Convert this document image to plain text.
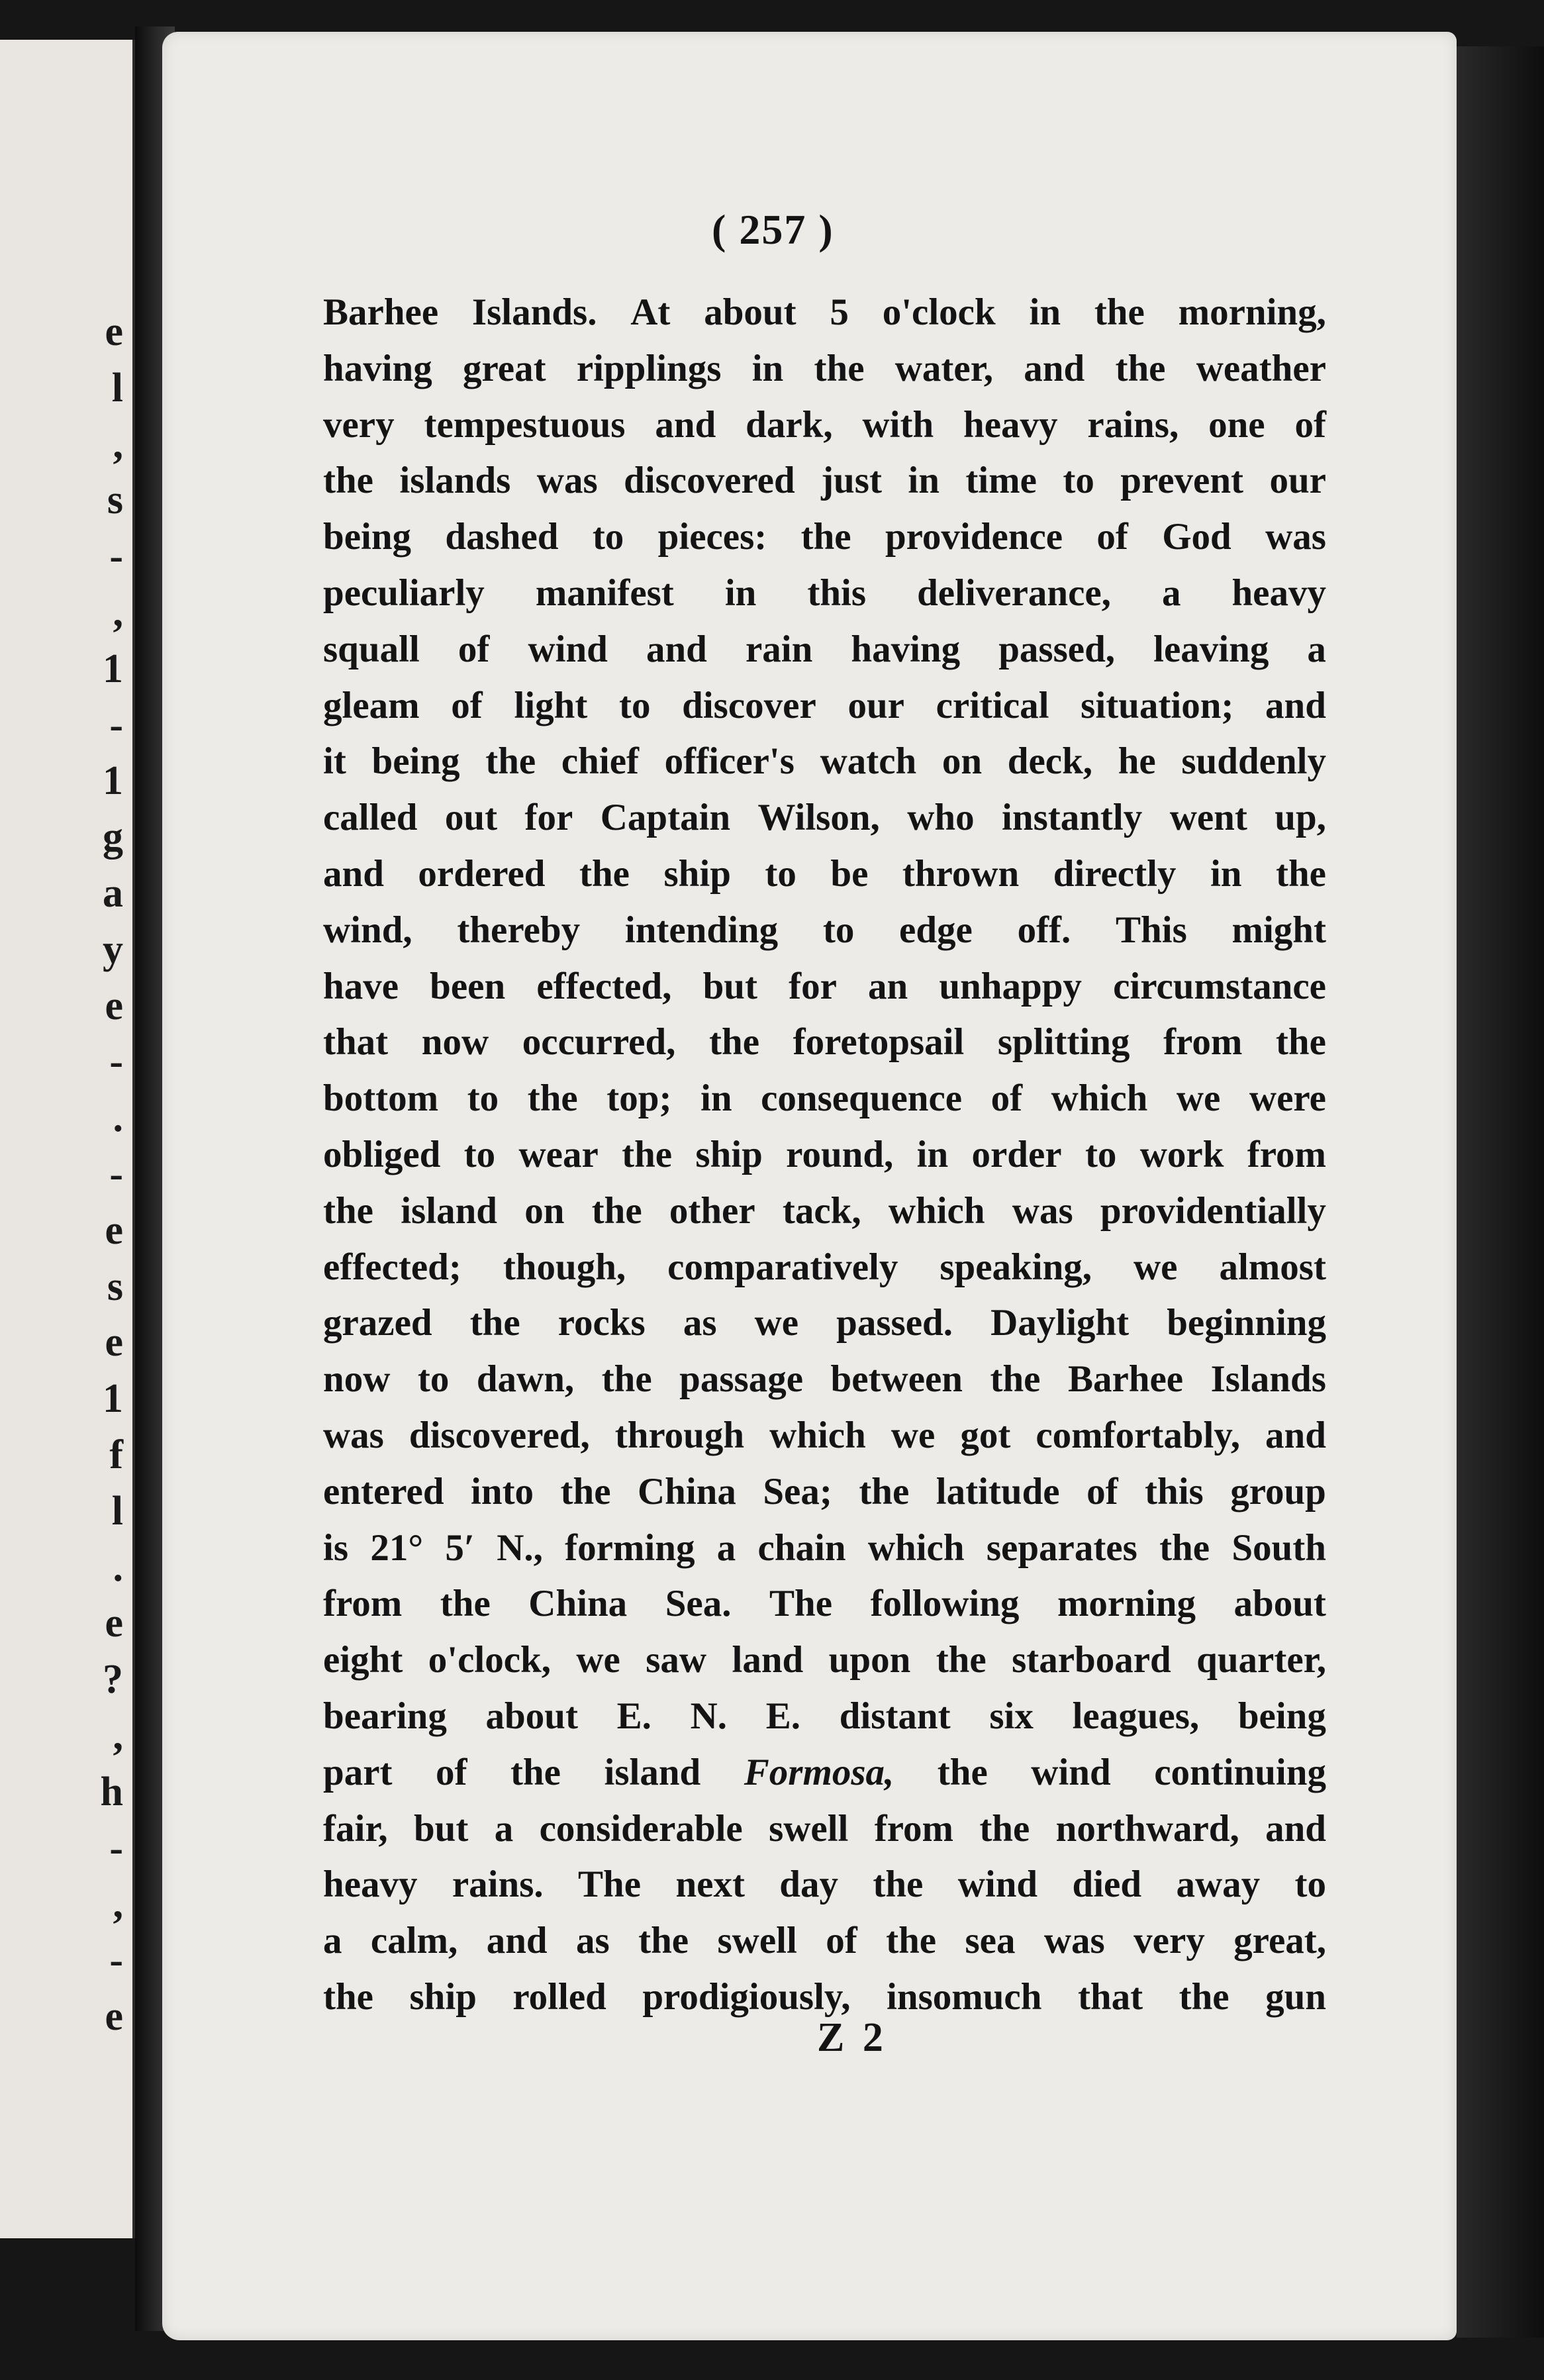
e
l
,
s
-
,
1
-
1
g
a
y
e
-
.
-
e
s
e
1
f
l
.
e
?
,
h
-
,
-
e
( 257 )
Barhee Islands. At about 5 o'clock in the morning,
having great ripplings in the water, and the weather
very tempestuous and dark, with heavy rains, one of
the islands was discovered just in time to prevent our
being dashed to pieces: the providence of God was
peculiarly manifest in this deliverance, a heavy
squall of wind and rain having passed, leaving a
gleam of light to discover our critical situation; and
it being the chief officer's watch on deck, he suddenly
called out for Captain Wilson, who instantly went up,
and ordered the ship to be thrown directly in the
wind, thereby intending to edge off. This might
have been effected, but for an unhappy circumstance
that now occurred, the foretopsail splitting from the
bottom to the top; in consequence of which we were
obliged to wear the ship round, in order to work from
the island on the other tack, which was providentially
effected; though, comparatively speaking, we almost
grazed the rocks as we passed. Daylight beginning
now to dawn, the passage between the Barhee Islands
was discovered, through which we got comfortably, and
entered into the China Sea; the latitude of this group
is 21° 5′ N., forming a chain which separates the South
from the China Sea. The following morning about
eight o'clock, we saw land upon the starboard quarter,
bearing about E. N. E. distant six leagues, being
part of the island Formosa, the wind continuing
fair, but a considerable swell from the northward, and
heavy rains. The next day the wind died away to
a calm, and as the swell of the sea was very great,
the ship rolled prodigiously, insomuch that the gun
Z 2
